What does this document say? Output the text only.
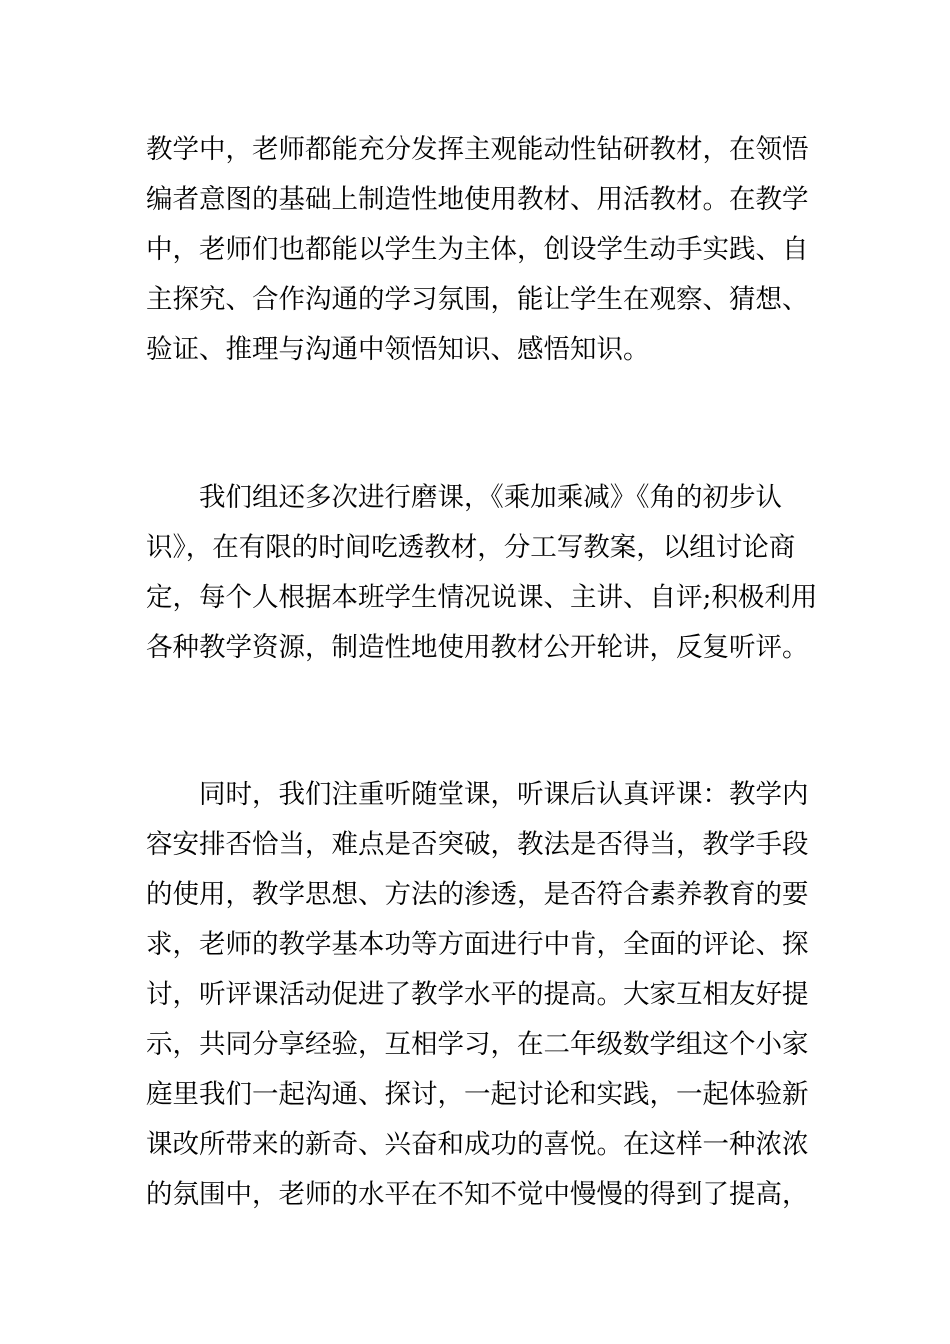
教学中，老师都能充分发挥主观能动性钻研教材，在领悟
编者意图的基础上制造性地使用教材、用活教材。在教学
中，老师们也都能以学生为主体，创设学生动手实践、自
主探究、合作沟通的学习氛围，能让学生在观察、猜想、
验证、推理与沟通中领悟知识、感悟知识。
我们组还多次进行磨课，《乘加乘减》《角的初步认
识》，在有限的时间吃透教材，分工写教案，以组讨论商
定，每个人根据本班学生情况说课、主讲、自评;积极利用
各种教学资源，制造性地使用教材公开轮讲，反复听评。
同时，我们注重听随堂课，听课后认真评课：教学内
容安排否恰当，难点是否突破，教法是否得当，教学手段
的使用，教学思想、方法的渗透，是否符合素养教育的要
求，老师的教学基本功等方面进行中肯，全面的评论、探
讨，听评课活动促进了教学水平的提高。大家互相友好提
示，共同分享经验，互相学习，在二年级数学组这个小家
庭里我们一起沟通、探讨，一起讨论和实践，一起体验新
课改所带来的新奇、兴奋和成功的喜悦。在这样一种浓浓
的氛围中，老师的水平在不知不觉中慢慢的得到了提高，
